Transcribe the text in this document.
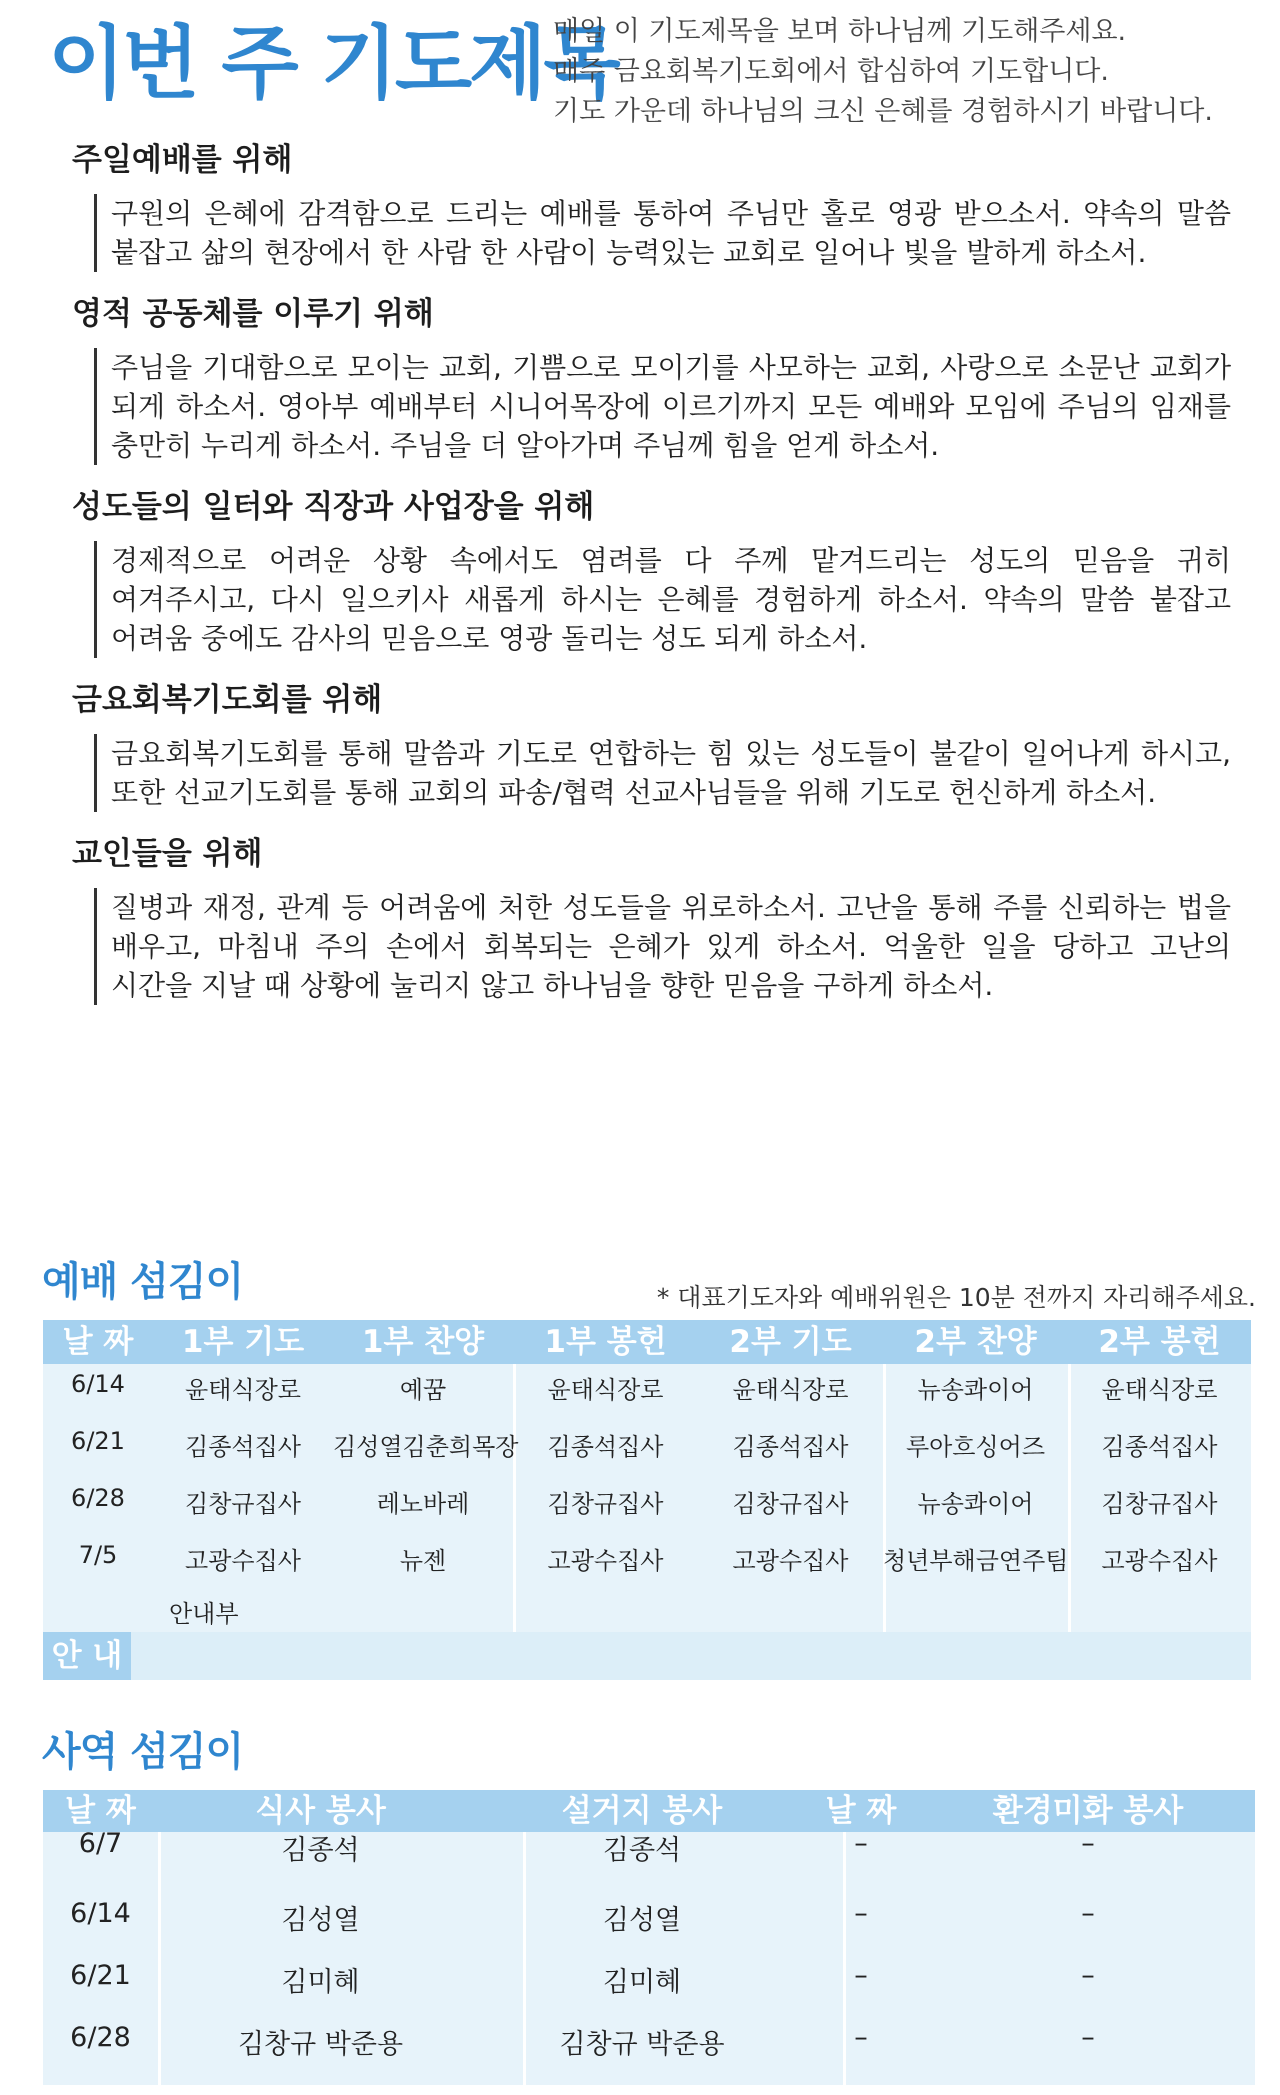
이번 주 기도제목
매일 이 기도제목을 보며 하나님께 기도해주세요.
매주 금요회복기도회에서 합심하여 기도합니다.
기도 가운데 하나님의 크신 은혜를 경험하시기 바랍니다.
주일예배를 위해

구원의 은혜에 감격함으로 드리는 예배를 통하여 주님만 홀로 영광 받으소서. 약속의 말씀 붙잡고 삶의 현장에서 한 사람 한 사람이 능력있는 교회로 일어나 빛을 발하게 하소서.

영적 공동체를 이루기 위해

주님을 기대함으로 모이는 교회, 기쁨으로 모이기를 사모하는 교회, 사랑으로 소문난 교회가 되게 하소서. 영아부 예배부터 시니어목장에 이르기까지 모든 예배와 모임에 주님의 임재를 충만히 누리게 하소서. 주님을 더 알아가며 주님께 힘을 얻게 하소서.

성도들의 일터와 직장과 사업장을 위해

경제적으로 어려운 상황 속에서도 염려를 다 주께 맡겨드리는 성도의 믿음을 귀히 여겨주시고, 다시 일으키사 새롭게 하시는 은혜를 경험하게 하소서. 약속의 말씀 붙잡고 어려움 중에도 감사의 믿음으로 영광 돌리는 성도 되게 하소서.

금요회복기도회를 위해

금요회복기도회를 통해 말씀과 기도로 연합하는 힘 있는 성도들이 불같이 일어나게 하시고, 또한 선교기도회를 통해 교회의 파송/협력 선교사님들을 위해 기도로 헌신하게 하소서.

교인들을 위해

질병과 재정, 관계 등 어려움에 처한 성도들을 위로하소서. 고난을 통해 주를 신뢰하는 법을 배우고, 마침내 주의 손에서 회복되는 은혜가 있게 하소서. 억울한 일을 당하고 고난의 시간을 지날 때 상황에 눌리지 않고 하나님을 향한 믿음을 구하게 하소서.

예배 섬김이	* 대표기도자와 예배위원은 10분 전까지 자리해주세요.
날 짜	1부 기도	1부 찬양	1부 봉헌	2부 기도	2부 찬양	2부 봉헌
6/14	윤태식장로	예꿈	윤태식장로	윤태식장로	뉴송콰이어	윤태식장로
6/21	김종석집사	김성열김춘희목장	김종석집사	김종석집사	루아흐싱어즈	김종석집사
6/28	김창규집사	레노바레	김창규집사	김창규집사	뉴송콰이어	김창규집사
7/5	고광수집사	뉴젠	고광수집사	고광수집사	청년부해금연주팀	고광수집사
안 내
안내부
사역 섬김이
날 짜	식사 봉사	설거지 봉사	날 짜	환경미화 봉사
6/7	김종석	김종석	–	–
6/14	김성열	김성열	–	–
6/21	김미혜	김미혜	–	–
6/28	김창규 박준용	김창규 박준용	–	–
